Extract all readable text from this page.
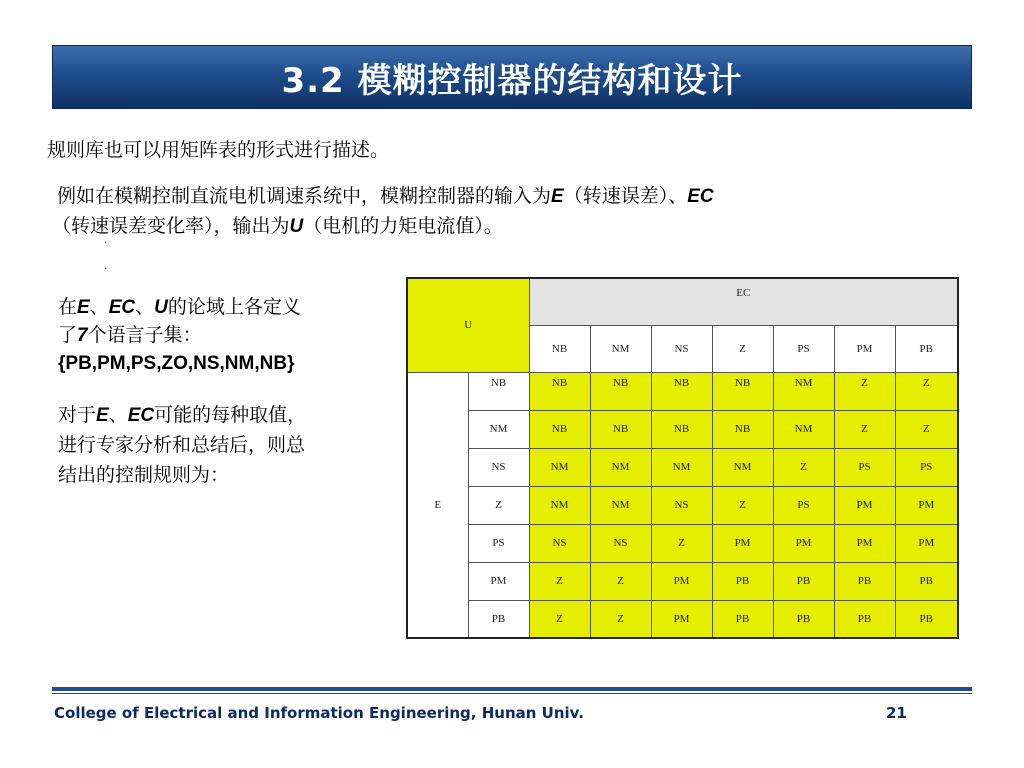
3.2 模糊控制器的结构和设计
规则库也可以用矩阵表的形式进行描述。
例如在模糊控制直流电机调速系统中，模糊控制器的输入为E（转速误差）、EC
（转速误差变化率），输出为U（电机的力矩电流值）。
·
·
在E、EC、U的论域上各定义
了7个语言子集：
{PB,PM,PS,ZO,NS,NM,NB}
对于E、EC可能的每种取值，
进行专家分析和总结后，则总
结出的控制规则为：
U		EC						
		NB	NM	NS	Z	PS	PM	PB
E	NB	NB	NB	NB	NB	NM	Z	Z
	NM	NB	NB	NB	NB	NM	Z	Z
	NS	NM	NM	NM	NM	Z	PS	PS
	Z	NM	NM	NS	Z	PS	PM	PM
	PS	NS	NS	Z	PM	PM	PM	PM
	PM	Z	Z	PM	PB	PB	PB	PB
	PB	Z	Z	PM	PB	PB	PB	PB
College of Electrical and Information Engineering, Hunan Univ.	21
